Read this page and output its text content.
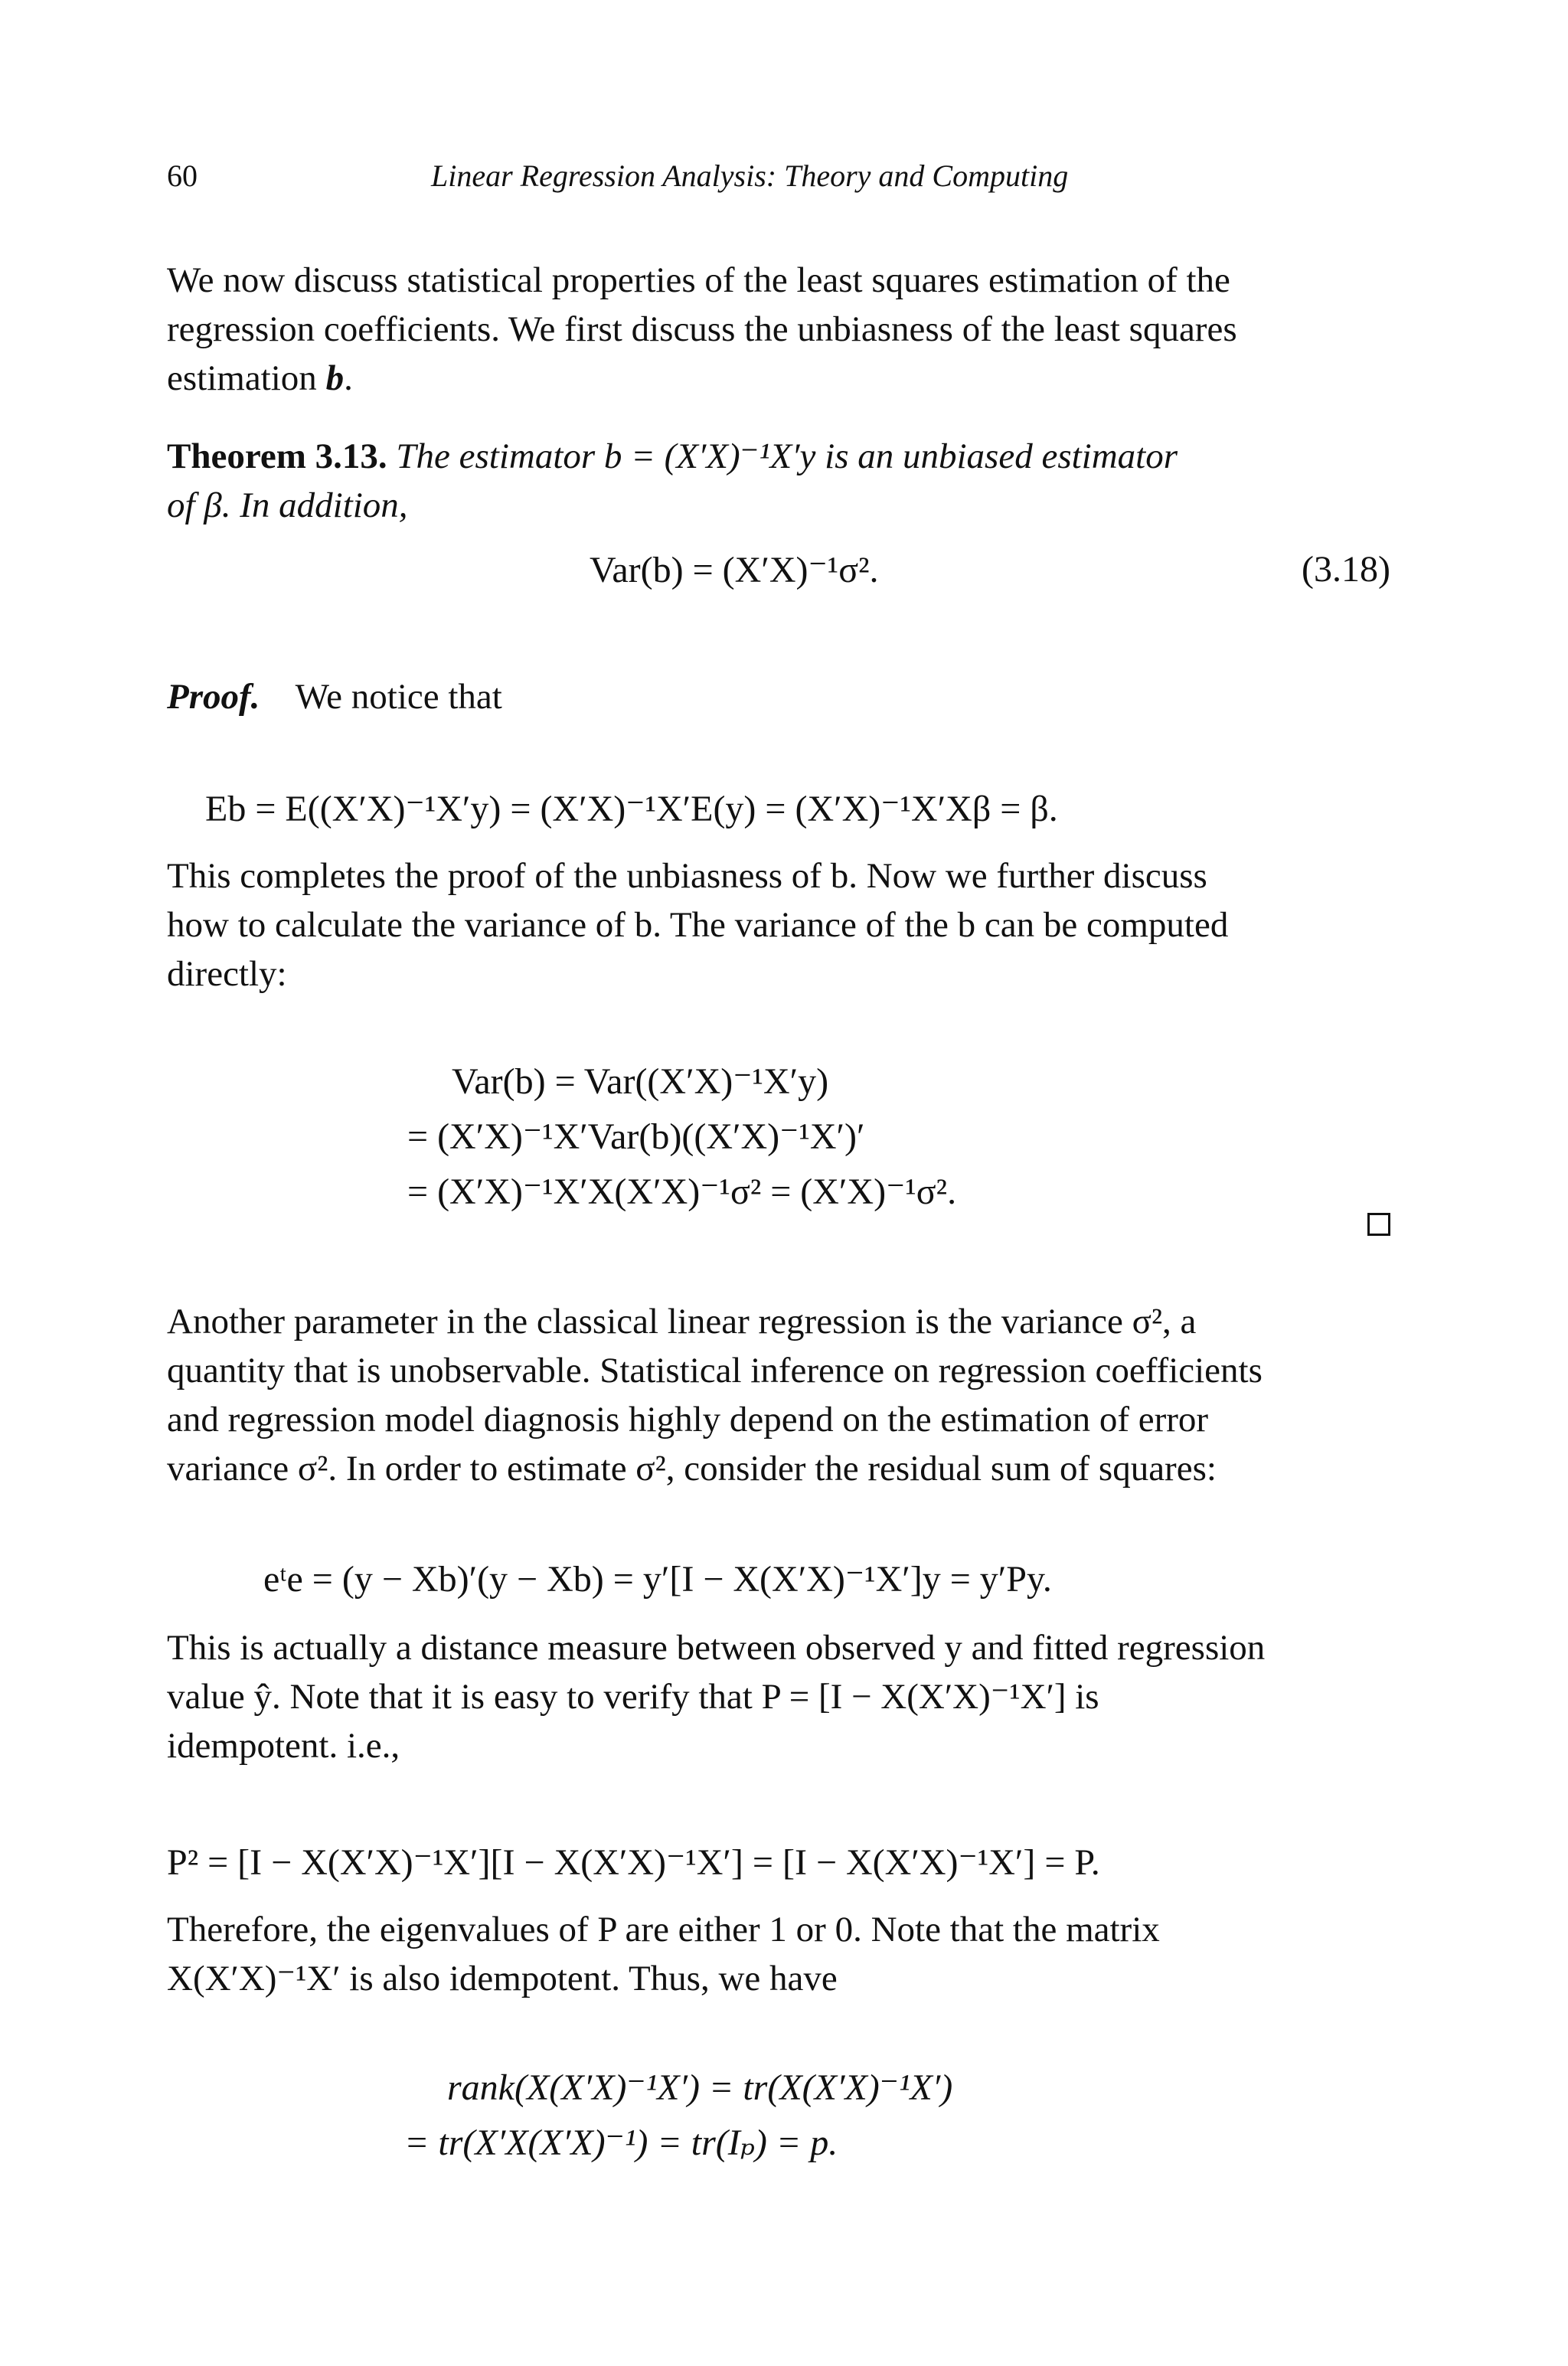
60	Linear Regression Analysis: Theory and Computing
We now discuss statistical properties of the least squares estimation of the
regression coefficients. We first discuss the unbiasness of the least squares
estimation b.
Theorem 3.13. The estimator b = (X′X)⁻¹X′y is an unbiased estimator
of β. In addition,
Var(b) = (X′X)⁻¹σ².	(3.18)
Proof. We notice that
Eb = E((X′X)⁻¹X′y) = (X′X)⁻¹X′E(y) = (X′X)⁻¹X′Xβ = β.
This completes the proof of the unbiasness of b. Now we further discuss
how to calculate the variance of b. The variance of the b can be computed
directly:
Var(b) = Var((X′X)⁻¹X′y)
= (X′X)⁻¹X′Var(b)((X′X)⁻¹X′)′
= (X′X)⁻¹X′X(X′X)⁻¹σ² = (X′X)⁻¹σ².
Another parameter in the classical linear regression is the variance σ², a
quantity that is unobservable. Statistical inference on regression coefficients
and regression model diagnosis highly depend on the estimation of error
variance σ². In order to estimate σ², consider the residual sum of squares:
eᵗe = (y − Xb)′(y − Xb) = y′[I − X(X′X)⁻¹X′]y = y′Py.
This is actually a distance measure between observed y and fitted regression
value ŷ. Note that it is easy to verify that P = [I − X(X′X)⁻¹X′] is
idempotent. i.e.,
P² = [I − X(X′X)⁻¹X′][I − X(X′X)⁻¹X′] = [I − X(X′X)⁻¹X′] = P.
Therefore, the eigenvalues of P are either 1 or 0. Note that the matrix
X(X′X)⁻¹X′ is also idempotent. Thus, we have
rank(X(X′X)⁻¹X′) = tr(X(X′X)⁻¹X′)
= tr(X′X(X′X)⁻¹) = tr(Iₚ) = p.
